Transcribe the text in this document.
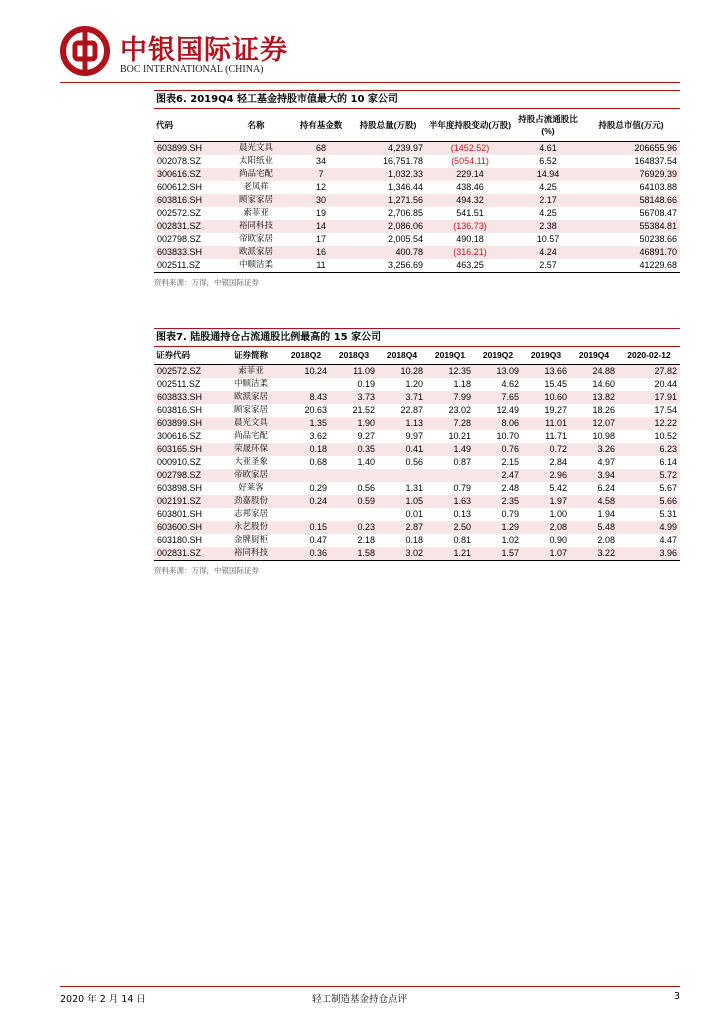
中银国际证券
BOC INTERNATIONAL (CHINA)
图表6. 2019Q4 轻工基金持股市值最大的 10 家公司
代码	名称	持有基金数	持股总量(万股)	半年度持股变动(万股)	持股占流通股比(%)	持股总市值(万元)
603899.SH	晨光文具	68	4,239.97	(1452.52)	4.61	206655.96
002078.SZ	太阳纸业	34	16,751.78	(5054.11)	6.52	164837.54
300616.SZ	尚品宅配	7	1,032.33	229.14	14.94	76929.39
600612.SH	老凤祥	12	1,346.44	438.46	4.25	64103.88
603816.SH	顾家家居	30	1,271.56	494.32	2.17	58148.66
002572.SZ	索菲亚	19	2,706.85	541.51	4.25	56708.47
002831.SZ	裕同科技	14	2,086.06	(136.73)	2.38	55384.81
002798.SZ	帝欧家居	17	2,005.54	490.18	10.57	50238.66
603833.SH	欧派家居	16	400.78	(316.21)	4.24	46891.70
002511.SZ	中顺洁柔	11	3,256.69	463.25	2.57	41229.68
资料来源：万得，中银国际证券
图表7. 陆股通持仓占流通股比例最高的 15 家公司
证券代码	证券简称	2018Q2	2018Q3	2018Q4	2019Q1	2019Q2	2019Q3	2019Q4	2020-02-12
002572.SZ	索菲亚	10.24	11.09	10.28	12.35	13.09	13.66	24.88	27.82
002511.SZ	中顺洁柔		0.19	1.20	1.18	4.62	15.45	14.60	20.44
603833.SH	欧派家居	8.43	3.73	3.71	7.99	7.65	10.60	13.82	17.91
603816.SH	顾家家居	20.63	21.52	22.87	23.02	12.49	19.27	18.26	17.54
603899.SH	晨光文具	1.35	1.90	1.13	7.28	8.06	11.01	12.07	12.22
300616.SZ	尚品宅配	3.62	9.27	9.97	10.21	10.70	11.71	10.98	10.52
603165.SH	荣晟环保	0.18	0.35	0.41	1.49	0.76	0.72	3.26	6.23
000910.SZ	大亚圣象	0.68	1.40	0.56	0.87	2.15	2.84	4.97	6.14
002798.SZ	帝欧家居					2.47	2.96	3.94	5.72
603898.SH	好莱客	0.29	0.56	1.31	0.79	2.48	5.42	6.24	5.67
002191.SZ	劲嘉股份	0.24	0.59	1.05	1.63	2.35	1.97	4.58	5.66
603801.SH	志邦家居			0.01	0.13	0.79	1.00	1.94	5.31
603600.SH	永艺股份	0.15	0.23	2.87	2.50	1.29	2.08	5.48	4.99
603180.SH	金牌厨柜	0.47	2.18	0.18	0.81	1.02	0.90	2.08	4.47
002831.SZ	裕同科技	0.36	1.58	3.02	1.21	1.57	1.07	3.22	3.96
资料来源：万得，中银国际证券
2020 年 2 月 14 日	轻工制造基金持仓点评	3
